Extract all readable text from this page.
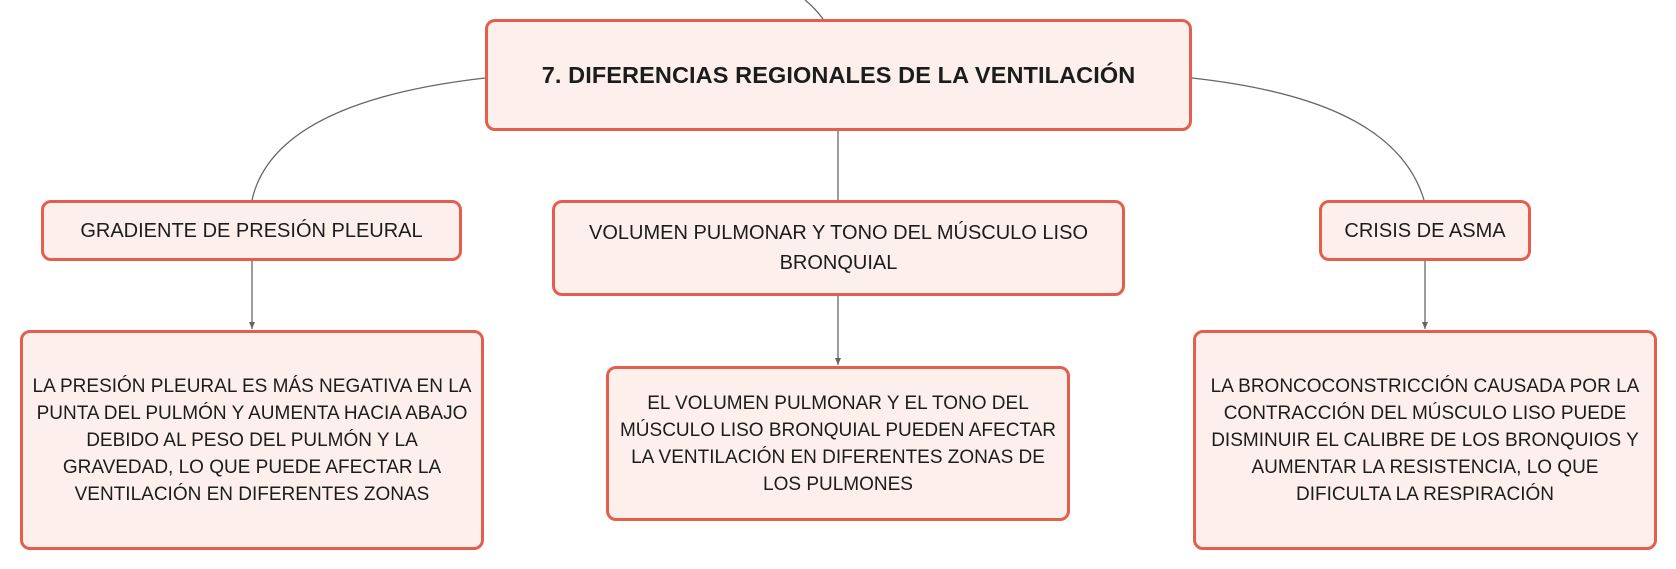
7. DIFERENCIAS REGIONALES DE LA VENTILACIÓN
GRADIENTE DE PRESIÓN PLEURAL	VOLUMEN PULMONAR Y TONO DEL MÚSCULO LISO BRONQUIAL
CRISIS DE ASMA
LA PRESIÓN PLEURAL ES MÁS NEGATIVA EN LA PUNTA DEL PULMÓN Y AUMENTA HACIA ABAJO DEBIDO AL PESO DEL PULMÓN Y LA GRAVEDAD, LO QUE PUEDE AFECTAR LA VENTILACIÓN EN DIFERENTES ZONAS
EL VOLUMEN PULMONAR Y EL TONO DEL MÚSCULO LISO BRONQUIAL PUEDEN AFECTAR LA VENTILACIÓN EN DIFERENTES ZONAS DE LOS PULMONES
LA BRONCOCONSTRICCIÓN CAUSADA POR LA CONTRACCIÓN DEL MÚSCULO LISO PUEDE DISMINUIR EL CALIBRE DE LOS BRONQUIOS Y AUMENTAR LA RESISTENCIA, LO QUE DIFICULTA LA RESPIRACIÓN
